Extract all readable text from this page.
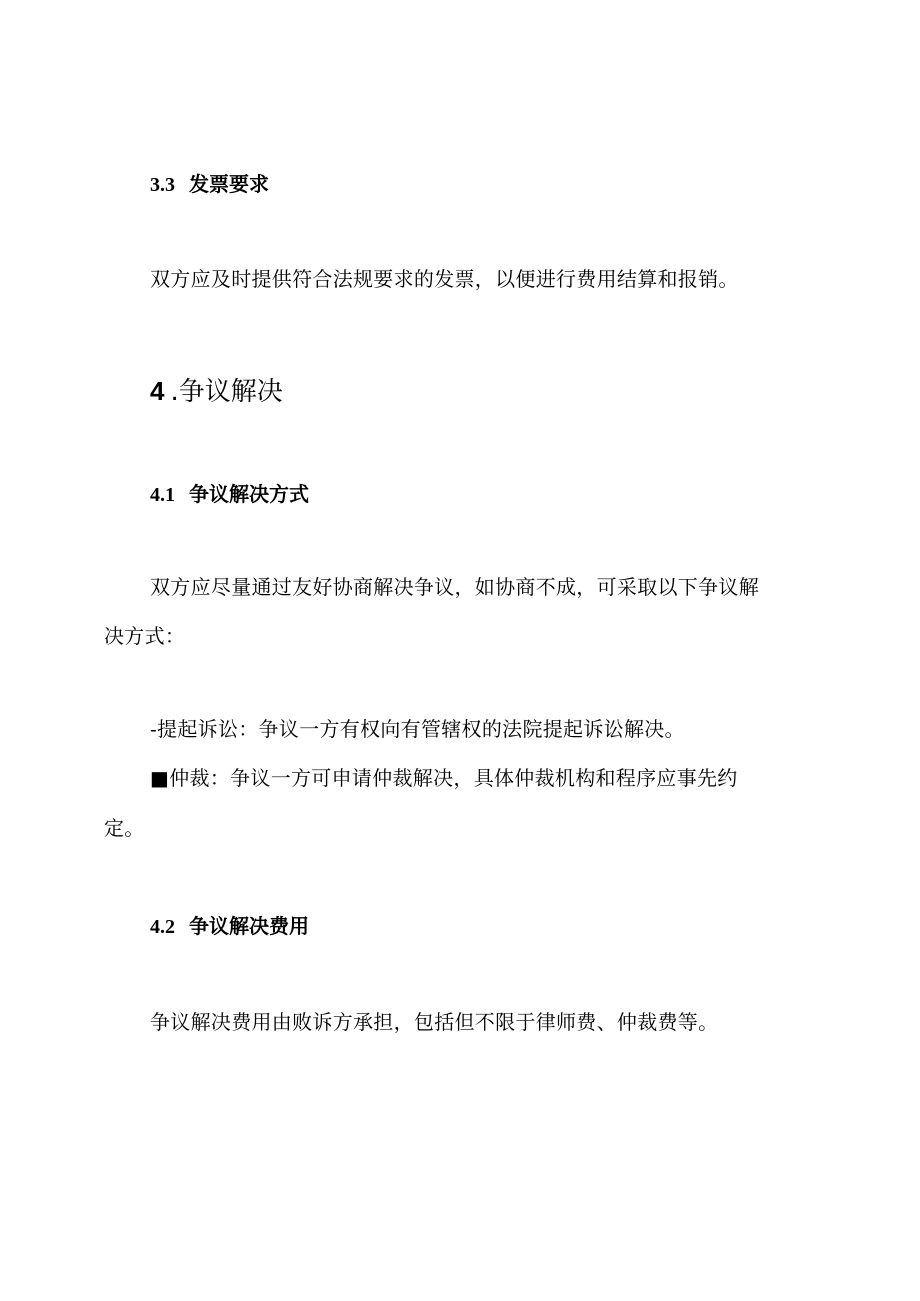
3.3 发票要求

双方应及时提供符合法规要求的发票，以便进行费用结算和报销。

4 .争议解决
4.1 争议解决方式

双方应尽量通过友好协商解决争议，如协商不成，可采取以下争议解

决方式：

-提起诉讼：争议一方有权向有管辖权的法院提起诉讼解决。

■仲裁：争议一方可申请仲裁解决，具体仲裁机构和程序应事先约

定。

4.2 争议解决费用

争议解决费用由败诉方承担，包括但不限于律师费、仲裁费等。
